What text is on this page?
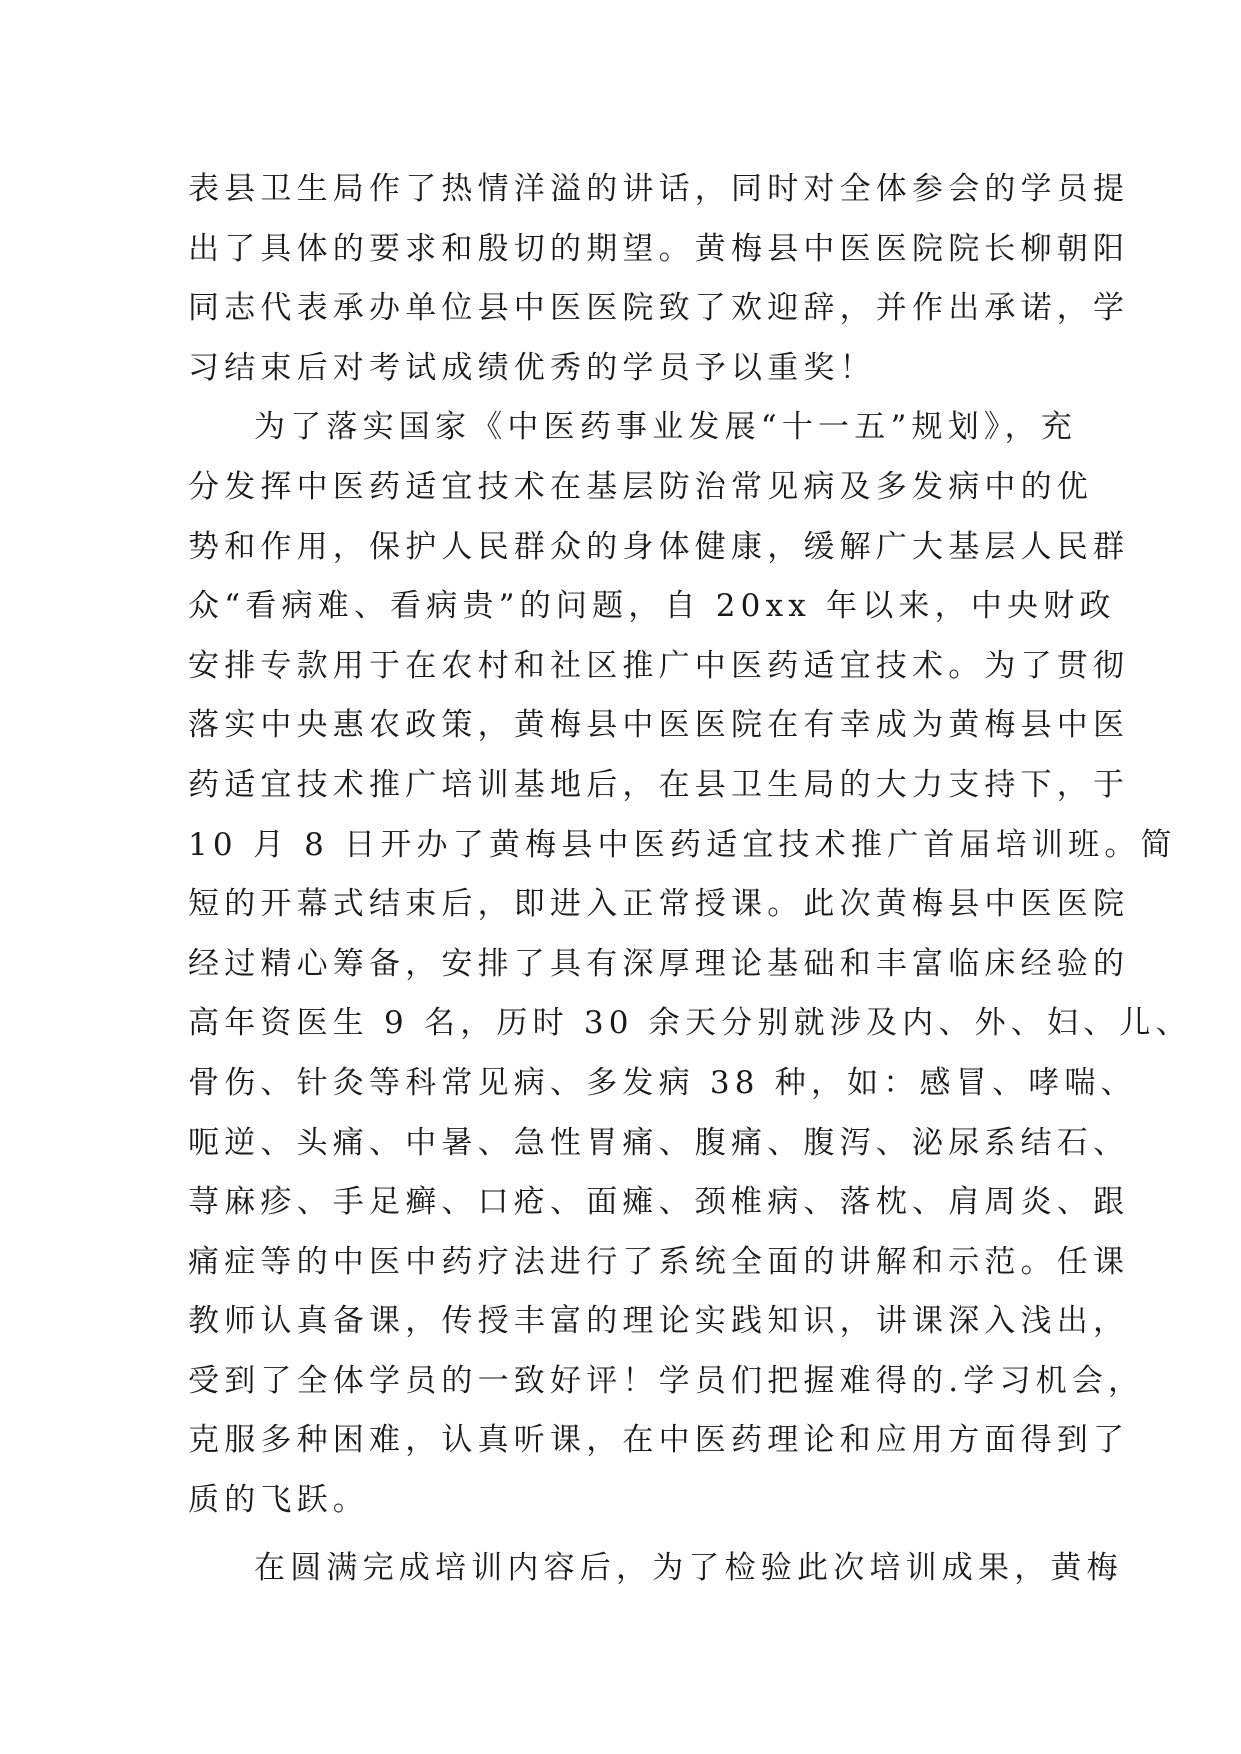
表县卫生局作了热情洋溢的讲话，同时对全体参会的学员提
出了具体的要求和殷切的期望。黄梅县中医医院院长柳朝阳
同志代表承办单位县中医医院致了欢迎辞，并作出承诺，学
习结束后对考试成绩优秀的学员予以重奖！
为了落实国家《中医药事业发展“十一五”规划》，充
分发挥中医药适宜技术在基层防治常见病及多发病中的优
势和作用，保护人民群众的身体健康，缓解广大基层人民群
众“看病难、看病贵”的问题，自 20xx 年以来，中央财政
安排专款用于在农村和社区推广中医药适宜技术。为了贯彻
落实中央惠农政策，黄梅县中医医院在有幸成为黄梅县中医
药适宜技术推广培训基地后，在县卫生局的大力支持下，于
10 月 8 日开办了黄梅县中医药适宜技术推广首届培训班。简
短的开幕式结束后，即进入正常授课。此次黄梅县中医医院
经过精心筹备，安排了具有深厚理论基础和丰富临床经验的
高年资医生 9 名，历时 30 余天分别就涉及内、外、妇、儿、
骨伤、针灸等科常见病、多发病 38 种，如：感冒、哮喘、
呃逆、头痛、中暑、急性胃痛、腹痛、腹泻、泌尿系结石、
荨麻疹、手足癣、口疮、面瘫、颈椎病、落枕、肩周炎、跟
痛症等的中医中药疗法进行了系统全面的讲解和示范。任课
教师认真备课，传授丰富的理论实践知识，讲课深入浅出，
受到了全体学员的一致好评！学员们把握难得的.学习机会，
克服多种困难，认真听课，在中医药理论和应用方面得到了
质的飞跃。
在圆满完成培训内容后，为了检验此次培训成果，黄梅
